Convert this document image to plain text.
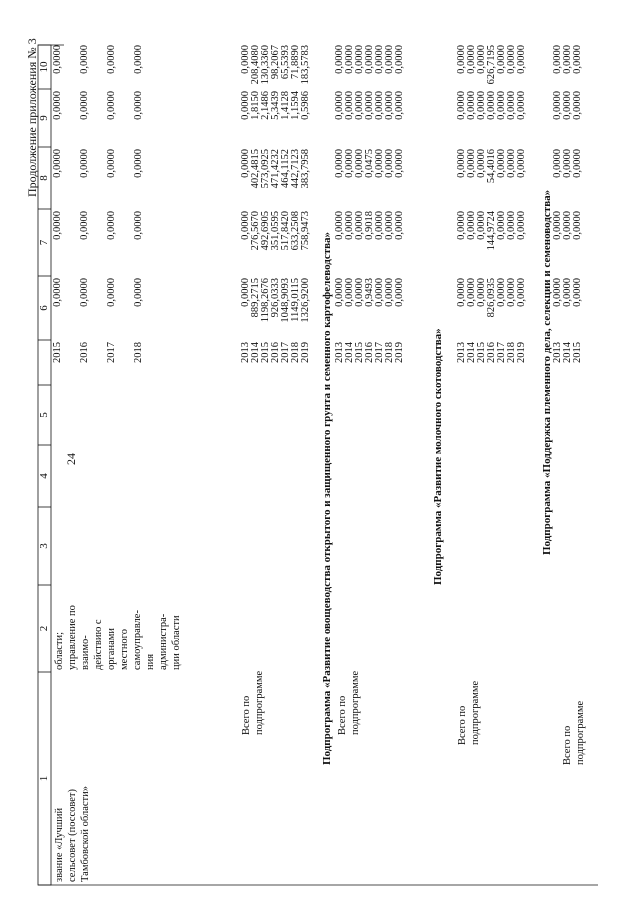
24
Продолжение приложения № 3
1
2
3
4
5
6
7
8
9
10
звание «Лучший сельсовет (поссовет) Тамбовской области»
области; управление по взаимо- действию с органами местного самоуправле- ния администра- ции области
2015
0,0000
0,0000
0,0000
0,0000
0,0000
2016
0,0000
0,0000
0,0000
0,0000
0,0000
2017
0,0000
0,0000
0,0000
0,0000
0,0000
2018
0,0000
0,0000
0,0000
0,0000
0,0000
Всего по подпрограмме
2013
0,0000
0,0000
0,0000
0,0000
0,0000
2014
889,2715
276,5670
402,4815
1,8150
208,4080
2015
1198,2676
492,6905
573,0925
2,1486
130,3360
2016
926,0333
351,0595
471,4232
5,3439
98,2067
2017
1048,9093
517,8420
464,1152
1,4128
65,5393
2018
1149,0115
633,2508
442,7123
1,1594
71,8890
2019
1326,9200
758,9473
383,7958
0,5986
183,5783
Подпрограмма «Развитие овощеводства открытого и защищенного грунта и семенного картофелеводства» Всего по подпрограмме
2013
0,0000
0,0000
0,0000
0,0000
0,0000
2014
0,0000
0,0000
0,0000
0,0000
0,0000
2015
0,0000
0,0000
0,0000
0,0000
0,0000
2016
0,9493
0,9018
0,0475
0,0000
0,0000
2017
0,0000
0,0000
0,0000
0,0000
0,0000
2018
0,0000
0,0000
0,0000
0,0000
0,0000
2019
0,0000
0,0000
0,0000
0,0000
0,0000
Подпрограмма «Развитие молочного скотоводства»
Всего по подпрограмме
2013
0,0000
0,0000
0,0000
0,0000
0,0000
2014
0,0000
0,0000
0,0000
0,0000
0,0000
2015
0,0000
0,0000
0,0000
0,0000
0,0000
2016
826,0935
144,9724
54,4016
0,0000
626,7195
2017
0,0000
0,0000
0,0000
0,0000
0,0000
2018
0,0000
0,0000
0,0000
0,0000
0,0000
2019
0,0000
0,0000
0,0000
0,0000
0,0000
Подпрограмма «Поддержка племенного дела, селекции и семеноводства»
Всего по подпрограмме
2013
0,0000
0,0000
0,0000
0,0000
0,0000
2014
0,0000
0,0000
0,0000
0,0000
0,0000
2015
0,0000
0,0000
0,0000
0,0000
0,0000
